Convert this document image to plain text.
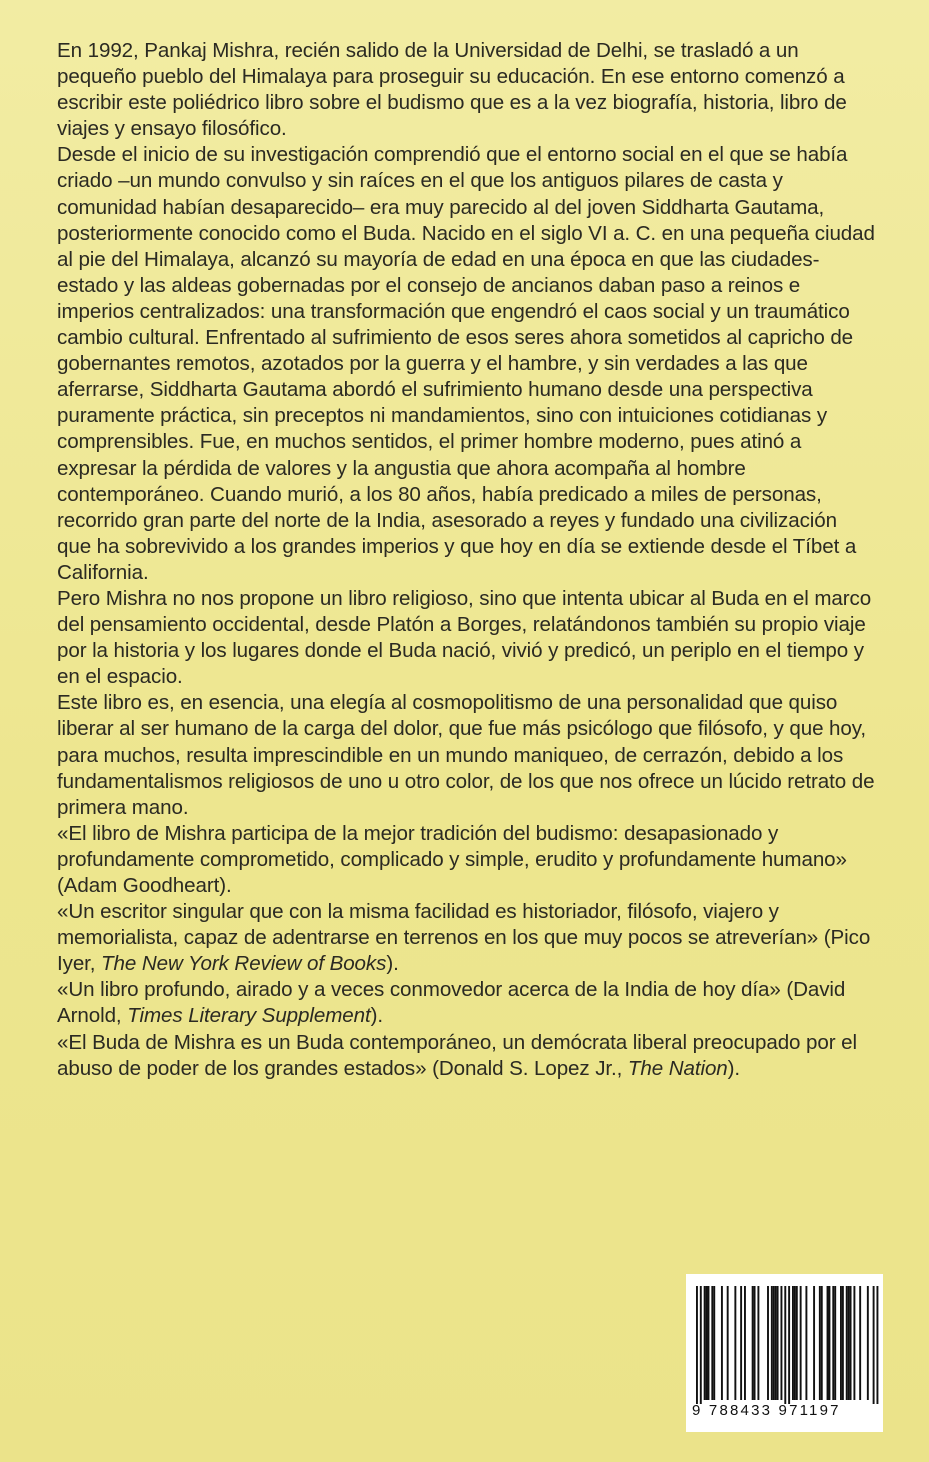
En 1992, Pankaj Mishra, recién salido de la Universidad de Delhi, se trasladó a un pequeño pueblo del Himalaya para proseguir su educación. En ese entorno comenzó a escribir este poliédrico libro sobre el budismo que es a la vez biografía, historia, libro de viajes y ensayo filosófico.

Desde el inicio de su investigación comprendió que el entorno social en el que se había criado –un mundo convulso y sin raíces en el que los antiguos pilares de casta y comunidad habían desaparecido– era muy parecido al del joven Siddharta Gautama, posteriormente conocido como el Buda. Nacido en el siglo VI a. C. en una pequeña ciudad al pie del Himalaya, alcanzó su mayoría de edad en una época en que las ciudades-estado y las aldeas gobernadas por el consejo de ancianos daban paso a reinos e imperios centralizados: una transformación que engendró el caos social y un traumático cambio cultural. Enfrentado al sufrimiento de esos seres ahora sometidos al capricho de gobernantes remotos, azotados por la guerra y el hambre, y sin verdades a las que aferrarse, Siddharta Gautama abordó el sufrimiento humano desde una perspectiva puramente práctica, sin preceptos ni mandamientos, sino con intuiciones cotidianas y comprensibles. Fue, en muchos sentidos, el primer hombre moderno, pues atinó a expresar la pérdida de valores y la angustia que ahora acompaña al hombre contemporáneo. Cuando murió, a los 80 años, había predicado a miles de personas, recorrido gran parte del norte de la India, asesorado a reyes y fundado una civilización que ha sobrevivido a los grandes imperios y que hoy en día se extiende desde el Tíbet a California.

Pero Mishra no nos propone un libro religioso, sino que intenta ubicar al Buda en el marco del pensamiento occidental, desde Platón a Borges, relatándonos también su propio viaje por la historia y los lugares donde el Buda nació, vivió y predicó, un periplo en el tiempo y en el espacio.

Este libro es, en esencia, una elegía al cosmopolitismo de una personalidad que quiso liberar al ser humano de la carga del dolor, que fue más psicólogo que filósofo, y que hoy, para muchos, resulta imprescindible en un mundo maniqueo, de cerrazón, debido a los fundamentalismos religiosos de uno u otro color, de los que nos ofrece un lúcido retrato de primera mano.

«El libro de Mishra participa de la mejor tradición del budismo: desapasionado y profundamente comprometido, complicado y simple, erudito y profundamente humano» (Adam Goodheart).

«Un escritor singular que con la misma facilidad es historiador, filósofo, viajero y memorialista, capaz de adentrarse en terrenos en los que muy pocos se atreverían» (Pico Iyer, The New York Review of Books).

«Un libro profundo, airado y a veces conmovedor acerca de la India de hoy día» (David Arnold, Times Literary Supplement).

«El Buda de Mishra es un Buda contemporáneo, un demócrata liberal preocupado por el abuso de poder de los grandes estados» (Donald S. Lopez Jr., The Nation).

9 788433 971197
